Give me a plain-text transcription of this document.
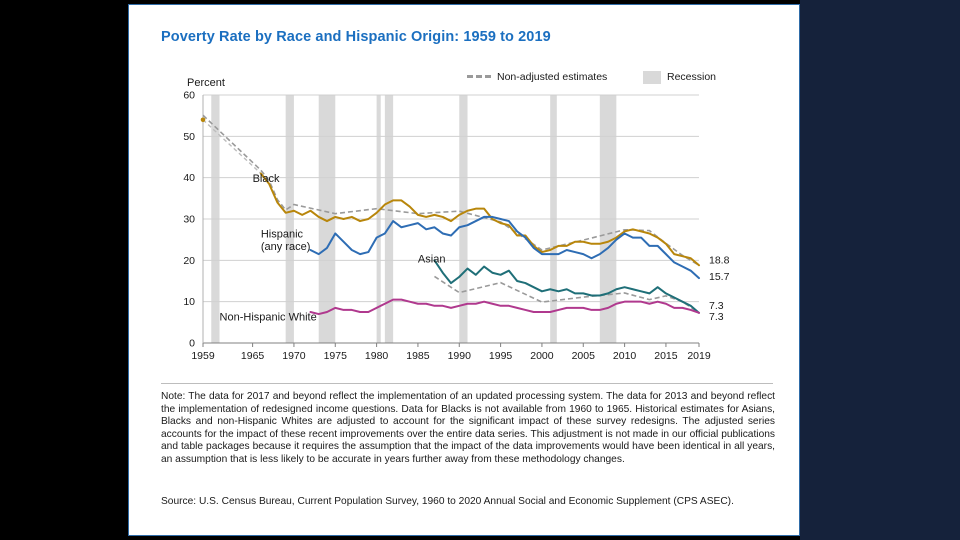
Poverty Rate by Race and Hispanic Origin: 1959 to 2019
Non-adjusted estimates	Recession
Percent
0
10
20
30
40
50
60
1959 1965 1970 1975 1980 1985 1990 1995 2000 2005 2010 2015 2019
Black
Hispanic
(any race)
Asian
Non-Hispanic White
18.8
15.7
7.3
7.3
Note: The data for 2017 and beyond reflect the implementation of an updated processing system. The data for 2013 and beyond reflect the implementation of redesigned income questions. Data for Blacks is not available from 1960 to 1965. Historical estimates for Asians, Blacks and non-Hispanic Whites are adjusted to account for the significant impact of these survey redesigns. The adjusted series accounts for the impact of these recent improvements over the entire data series. This adjustment is not made in our official publications and table packages because it requires the assumption that the impact of the data improvements would have been identical in all years, an assumption that is less likely to be accurate in years further away from these methodology changes.
Source: U.S. Census Bureau, Current Population Survey, 1960 to 2020 Annual Social and Economic Supplement (CPS ASEC).
